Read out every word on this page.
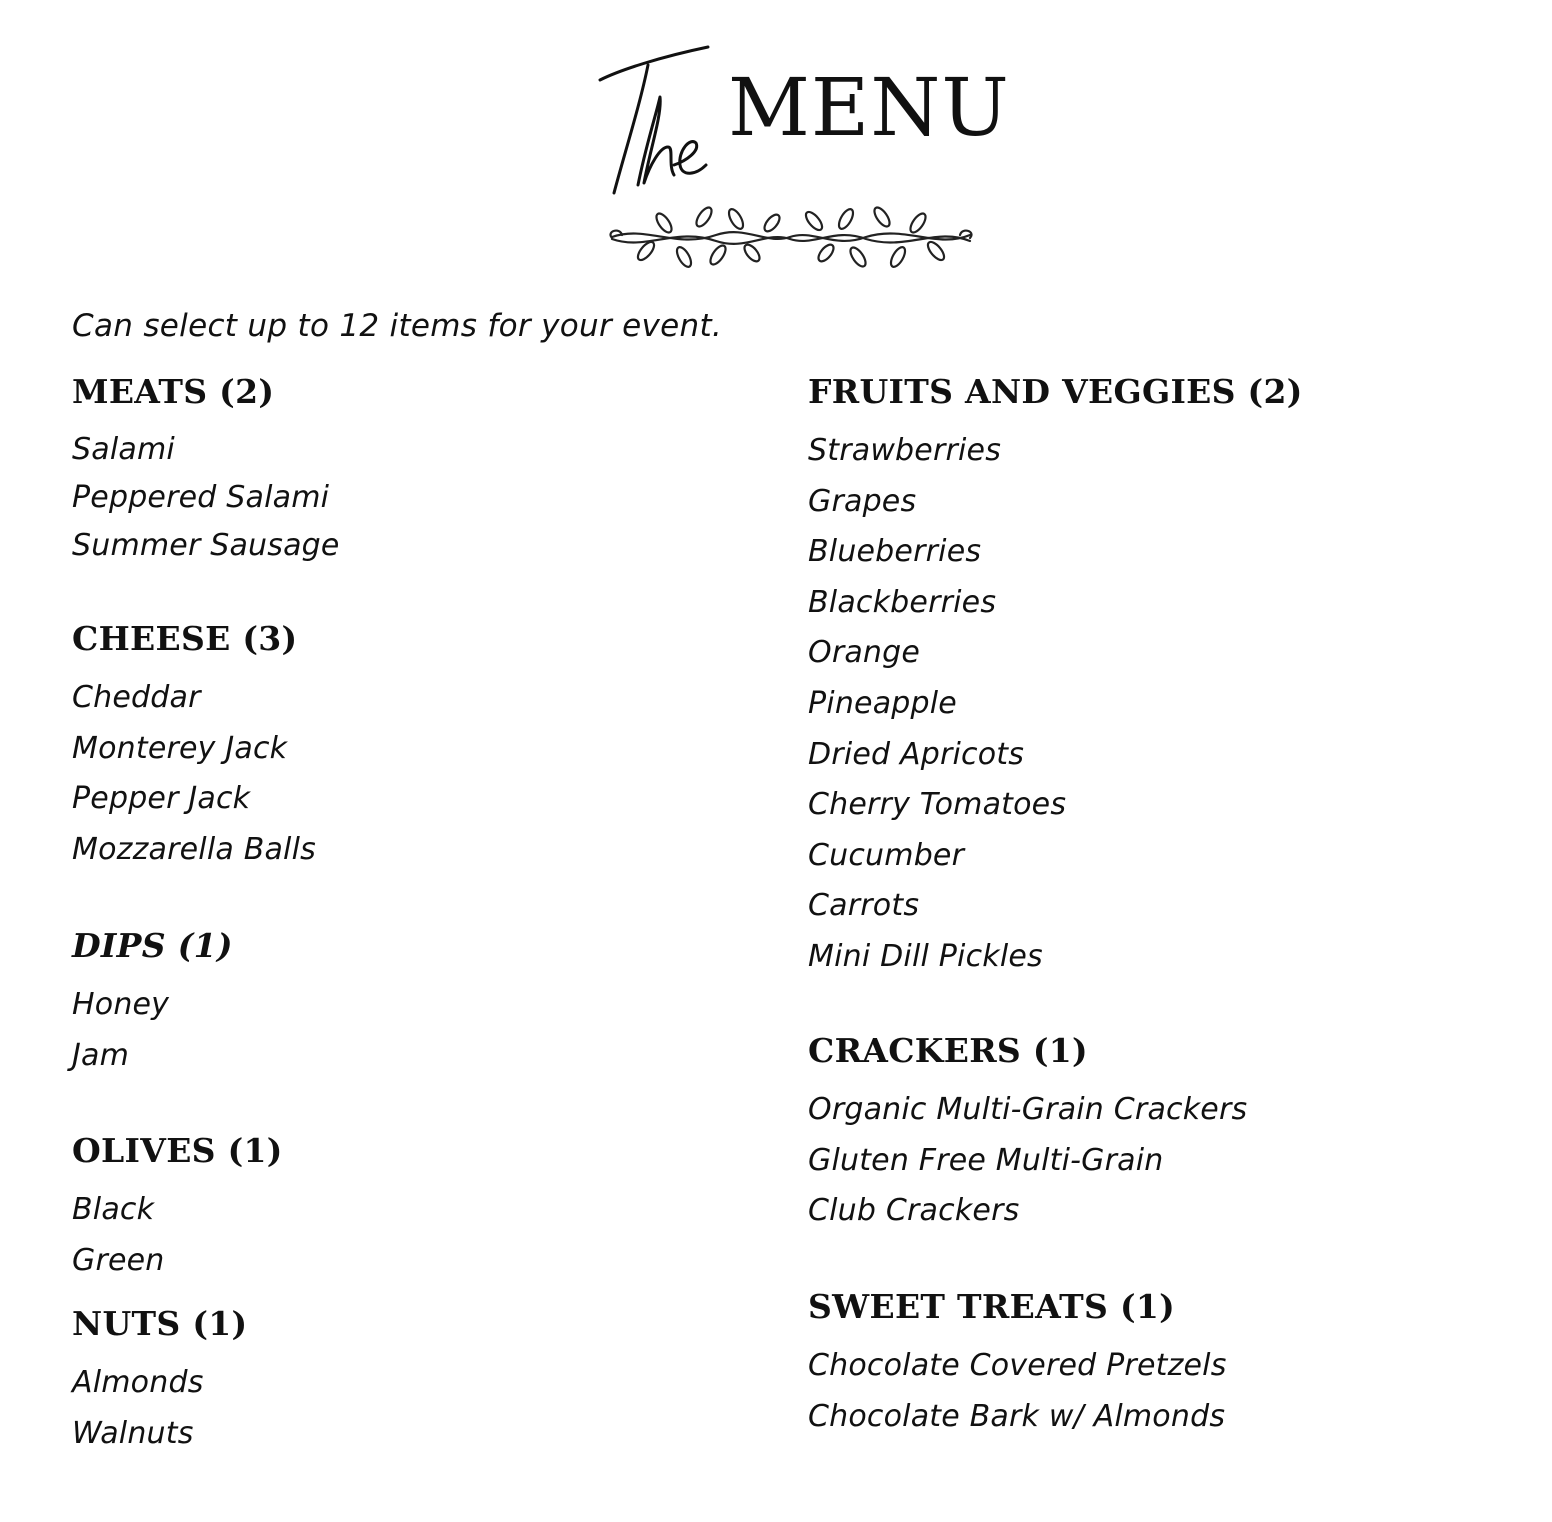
MENU
Can select up to 12 items for your event.
MEATS (2)
Salami
Peppered Salami
Summer Sausage
CHEESE (3)
Cheddar
Monterey Jack
Pepper Jack
Mozzarella Balls
DIPS (1)
Honey
Jam
OLIVES (1)
Black
Green
NUTS (1)
Almonds
Walnuts
FRUITS AND VEGGIES (2)
Strawberries
Grapes
Blueberries
Blackberries
Orange
Pineapple
Dried Apricots
Cherry Tomatoes
Cucumber
Carrots
Mini Dill Pickles
CRACKERS (1)
Organic Multi-Grain Crackers
Gluten Free Multi-Grain
Club Crackers
SWEET TREATS (1)
Chocolate Covered Pretzels
Chocolate Bark w/ Almonds
